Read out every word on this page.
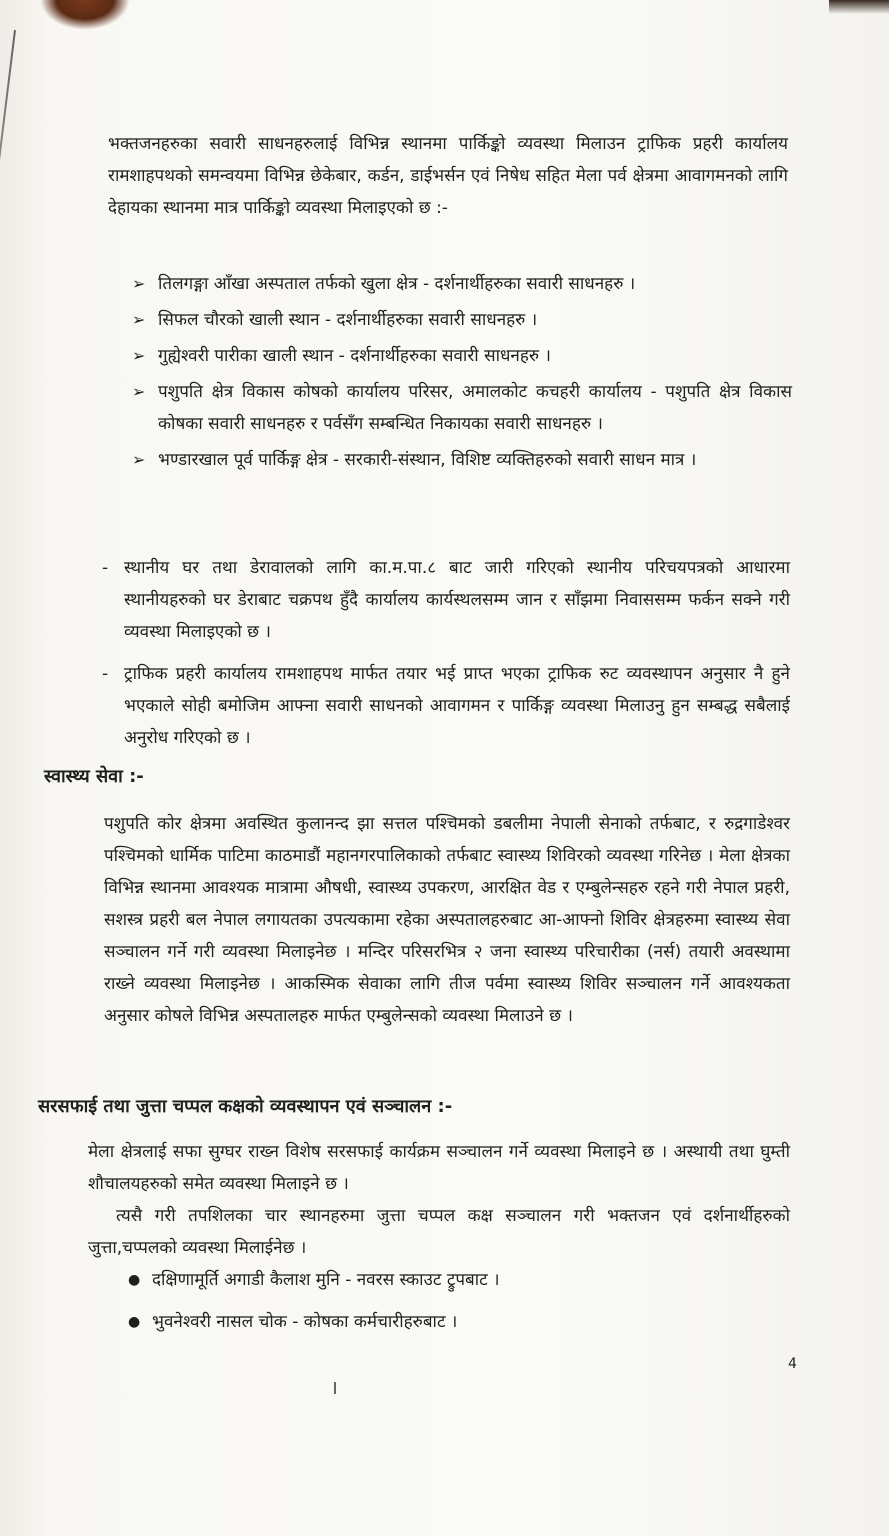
भक्तजनहरुका सवारी साधनहरुलाई विभिन्न स्थानमा पार्किङ्को व्यवस्था मिलाउन ट्राफिक प्रहरी कार्यालय रामशाहपथको समन्वयमा विभिन्न छेकेबार, कर्डन, डाईभर्सन एवं निषेध सहित मेला पर्व क्षेत्रमा आवागमनको लागि देहायका स्थानमा मात्र पार्किङ्को व्यवस्था मिलाइएको छ :-

➢ तिलगङ्गा आँखा अस्पताल तर्फको खुला क्षेत्र - दर्शनार्थीहरुका सवारी साधनहरु ।
➢ सिफल चौरको खाली स्थान - दर्शनार्थीहरुका सवारी साधनहरु ।
➢ गुह्येश्वरी पारीका खाली स्थान - दर्शनार्थीहरुका सवारी साधनहरु ।
➢ पशुपति क्षेत्र विकास कोषको कार्यालय परिसर, अमालकोट कचहरी कार्यालय - पशुपति क्षेत्र विकास कोषका सवारी साधनहरु र पर्वसँग सम्बन्धित निकायका सवारी साधनहरु ।
➢ भण्डारखाल पूर्व पार्किङ्ग क्षेत्र - सरकारी-संस्थान, विशिष्ट व्यक्तिहरुको सवारी साधन मात्र ।
- स्थानीय घर तथा डेरावालको लागि का.म.पा.८ बाट जारी गरिएको स्थानीय परिचयपत्रको आधारमा स्थानीयहरुको घर डेराबाट चक्रपथ हुँदै कार्यालय कार्यस्थलसम्म जान र साँझमा निवाससम्म फर्कन सक्ने गरी व्यवस्था मिलाइएको छ ।
- ट्राफिक प्रहरी कार्यालय रामशाहपथ मार्फत तयार भई प्राप्त भएका ट्राफिक रुट व्यवस्थापन अनुसार नै हुने भएकाले सोही बमोजिम आफ्ना सवारी साधनको आवागमन र पार्किङ्ग व्यवस्था मिलाउनु हुन सम्बद्ध सबैलाई अनुरोध गरिएको छ ।
स्वास्थ्य सेवा :-

पशुपति कोर क्षेत्रमा अवस्थित कुलानन्द झा सत्तल पश्चिमको डबलीमा नेपाली सेनाको तर्फबाट, र रुद्रगाडेश्वर पश्चिमको धार्मिक पाटिमा काठमाडौं महानगरपालिकाको तर्फबाट स्वास्थ्य शिविरको व्यवस्था गरिनेछ । मेला क्षेत्रका विभिन्न स्थानमा आवश्यक मात्रामा औषधी, स्वास्थ्य उपकरण, आरक्षित वेड र एम्बुलेन्सहरु रहने गरी नेपाल प्रहरी, सशस्त्र प्रहरी बल नेपाल लगायतका उपत्यकामा रहेका अस्पतालहरुबाट आ-आफ्नो शिविर क्षेत्रहरुमा स्वास्थ्य सेवा सञ्चालन गर्ने गरी व्यवस्था मिलाइनेछ । मन्दिर परिसरभित्र २ जना स्वास्थ्य परिचारीका (नर्स) तयारी अवस्थामा राख्ने व्यवस्था मिलाइनेछ । आकस्मिक सेवाका लागि तीज पर्वमा स्वास्थ्य शिविर सञ्चालन गर्ने आवश्यकता अनुसार कोषले विभिन्न अस्पतालहरु मार्फत एम्बुलेन्सको व्यवस्था मिलाउने छ ।

सरसफाई तथा जुत्ता चप्पल कक्षको व्यवस्थापन एवं सञ्चालन :-

मेला क्षेत्रलाई सफा सुग्घर राख्न विशेष सरसफाई कार्यक्रम सञ्चालन गर्ने व्यवस्था मिलाइने छ । अस्थायी तथा घुम्ती शौचालयहरुको समेत व्यवस्था मिलाइने छ ।

त्यसै गरी तपशिलका चार स्थानहरुमा जुत्ता चप्पल कक्ष सञ्चालन गरी भक्तजन एवं दर्शनार्थीहरुको जुत्ता,चप्पलको व्यवस्था मिलाईनेछ ।

● दक्षिणामूर्ति अगाडी कैलाश मुनि - नवरस स्काउट ट्रुपबाट ।
● भुवनेश्वरी नासल चोक - कोषका कर्मचारीहरुबाट ।
4
